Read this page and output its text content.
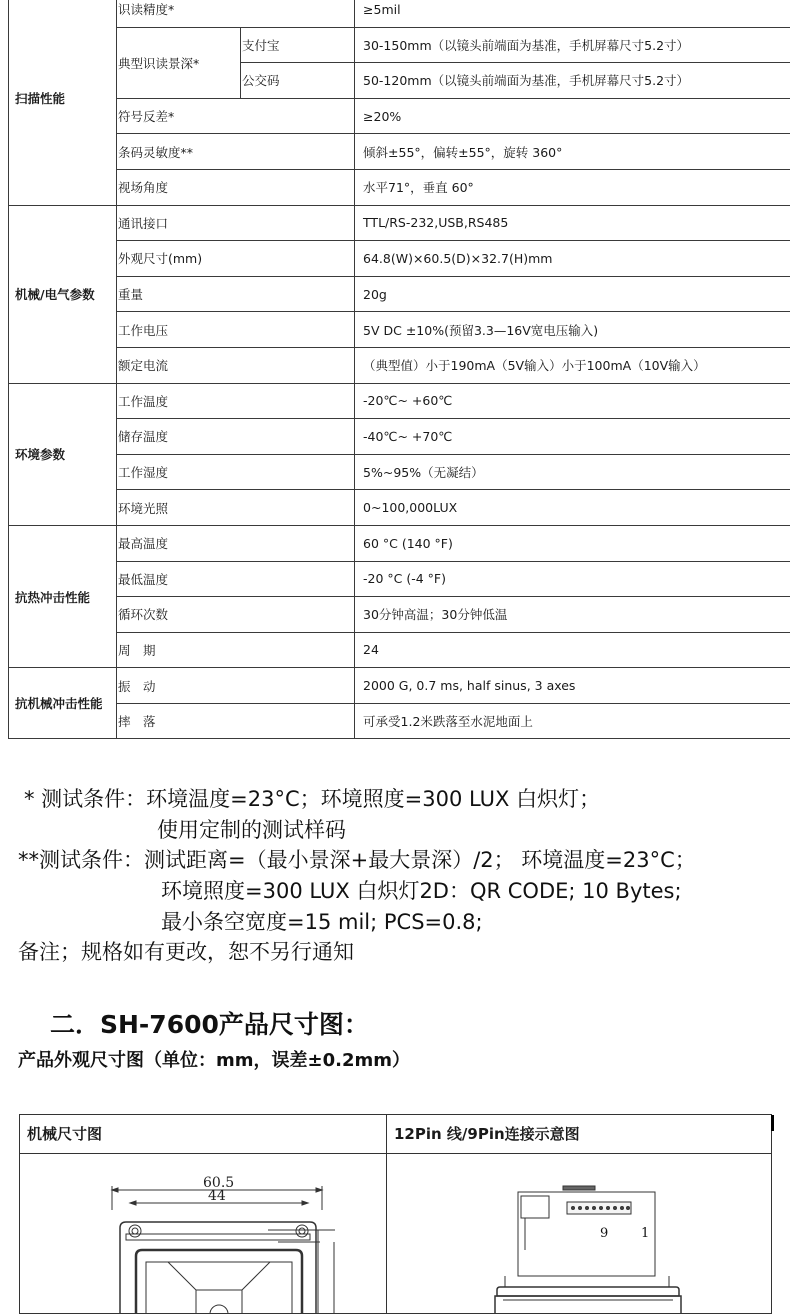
扫描性能	识读精度*		≥5mil
	典型识读景深*	支付宝	30-150mm（以镜头前端面为基准，手机屏幕尺寸5.2寸）
		公交码	50-120mm（以镜头前端面为基准，手机屏幕尺寸5.2寸）
	符号反差*		≥20%
	条码灵敏度**		倾斜±55°，偏转±55°，旋转 360°
	视场角度		水平71°，垂直 60°
机械/电气参数	通讯接口		TTL/RS-232,USB,RS485
	外观尺寸(mm)		64.8(W)×60.5(D)×32.7(H)mm
	重量		20g
	工作电压		5V DC ±10%(预留3.3—16V宽电压输入)
	额定电流		（典型值）小于190mA（5V输入）小于100mA（10V输入）
环境参数	工作温度		-20℃~ +60℃
	储存温度		-40℃~ +70℃
	工作湿度		5%~95%（无凝结）
	环境光照		0~100,000LUX
抗热冲击性能	最高温度		60 °C (140 °F)
	最低温度		-20 °C (-4 °F)
	循环次数		30分钟高温；30分钟低温
	周　期		24
抗机械冲击性能	振　动		2000 G, 0.7 ms, half sinus, 3 axes
	摔　落		可承受1.2米跌落至水泥地面上
* 测试条件：环境温度=23°C；环境照度=300 LUX 白炽灯；
使用定制的测试样码
**测试条件：测试距离=（最小景深+最大景深）/2； 环境温度=23°C；
环境照度=300 LUX 白炽灯2D：QR CODE; 10 Bytes;
最小条空宽度=15 mil; PCS=0.8;
备注；规格如有更改，恕不另行通知
二．SH-7600产品尺寸图：
产品外观尺寸图（单位：mm，误差±0.2mm）
机械尺寸图	12Pin 线/9Pin连接示意图
60.5
44
9	1
